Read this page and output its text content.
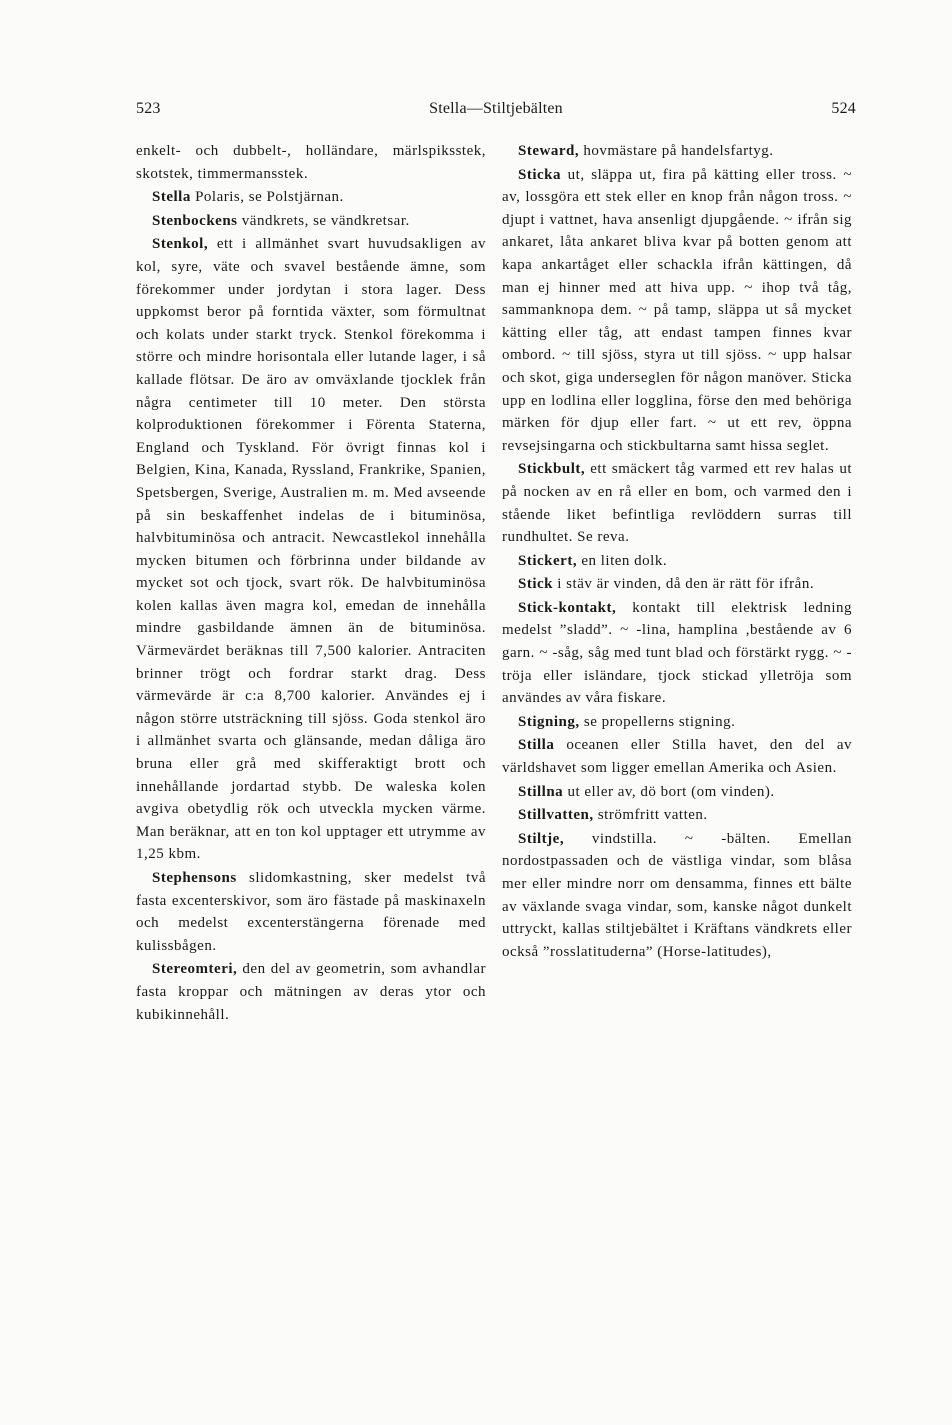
523	Stella—Stiltjebälten	524

enkelt- och dubbelt-, holländare, märlspiksstek, skotstek, timmermansstek.

Stella Polaris, se Polstjärnan.

Stenbockens vändkrets, se vändkretsar.

Stenkol, ett i allmänhet svart huvudsakligen av kol, syre, väte och svavel bestående ämne, som förekommer under jordytan i stora lager. Dess uppkomst beror på forntida växter, som förmultnat och kolats under starkt tryck. Stenkol förekomma i större och mindre horisontala eller lutande lager, i så kallade flötsar. De äro av omväxlande tjocklek från några centimeter till 10 meter. Den största kolproduktionen förekommer i Förenta Staterna, England och Tyskland. För övrigt finnas kol i Belgien, Kina, Kanada, Ryssland, Frankrike, Spanien, Spetsbergen, Sverige, Australien m. m. Med avseende på sin beskaffenhet indelas de i bituminösa, halvbituminösa och antracit. Newcastlekol innehålla mycken bitumen och förbrinna under bildande av mycket sot och tjock, svart rök. De halvbituminösa kolen kallas även magra kol, emedan de innehålla mindre gasbildande ämnen än de bituminösa. Värmevärdet beräknas till 7,500 kalorier. Antraciten brinner trögt och fordrar starkt drag. Dess värmevärde är c:a 8,700 kalorier. Användes ej i någon större utsträckning till sjöss. Goda stenkol äro i allmänhet svarta och glänsande, medan dåliga äro bruna eller grå med skifferaktigt brott och innehållande jordartad stybb. De waleska kolen avgiva obetydlig rök och utveckla mycken värme. Man beräknar, att en ton kol upptager ett utrymme av 1,25 kbm.

Stephensons slidomkastning, sker medelst två fasta excenterskivor, som äro fästade på maskinaxeln och medelst excenterstängerna förenade med kulissbågen.

Stereomteri, den del av geometrin, som avhandlar fasta kroppar och mätningen av deras ytor och kubikinnehåll.

Steward, hovmästare på handelsfartyg.

Sticka ut, släppa ut, fira på kätting eller tross. ~ av, lossgöra ett stek eller en knop från någon tross. ~ djupt i vattnet, hava ansenligt djupgående. ~ ifrån sig ankaret, låta ankaret bliva kvar på botten genom att kapa ankartåget eller schackla ifrån kättingen, då man ej hinner med att hiva upp. ~ ihop två tåg, sammanknopa dem. ~ på tamp, släppa ut så mycket kätting eller tåg, att endast tampen finnes kvar ombord. ~ till sjöss, styra ut till sjöss. ~ upp halsar och skot, giga underseglen för någon manöver. Sticka upp en lodlina eller logglina, förse den med behöriga märken för djup eller fart. ~ ut ett rev, öppna revsejsingarna och stickbultarna samt hissa seglet.

Stickbult, ett smäckert tåg varmed ett rev halas ut på nocken av en rå eller en bom, och varmed den i stående liket befintliga revlöddern surras till rundhultet. Se reva.

Stickert, en liten dolk.

Stick i stäv är vinden, då den är rätt för ifrån.

Stick-kontakt, kontakt till elektrisk ledning medelst ”sladd”. ~ -lina, hamplina ,bestående av 6 garn. ~ -såg, såg med tunt blad och förstärkt rygg. ~ -tröja eller isländare, tjock stickad ylletröja som användes av våra fiskare.

Stigning, se propellerns stigning.

Stilla oceanen eller Stilla havet, den del av världshavet som ligger emellan Amerika och Asien.

Stillna ut eller av, dö bort (om vinden).

Stillvatten, strömfritt vatten.

Stiltje, vindstilla. ~ -bälten. Emellan nordostpassaden och de västliga vindar, som blåsa mer eller mindre norr om densamma, finnes ett bälte av växlande svaga vindar, som, kanske något dunkelt uttryckt, kallas stiltjebältet i Kräftans vändkrets eller också ”rosslatituderna” (Horse-latitudes),
